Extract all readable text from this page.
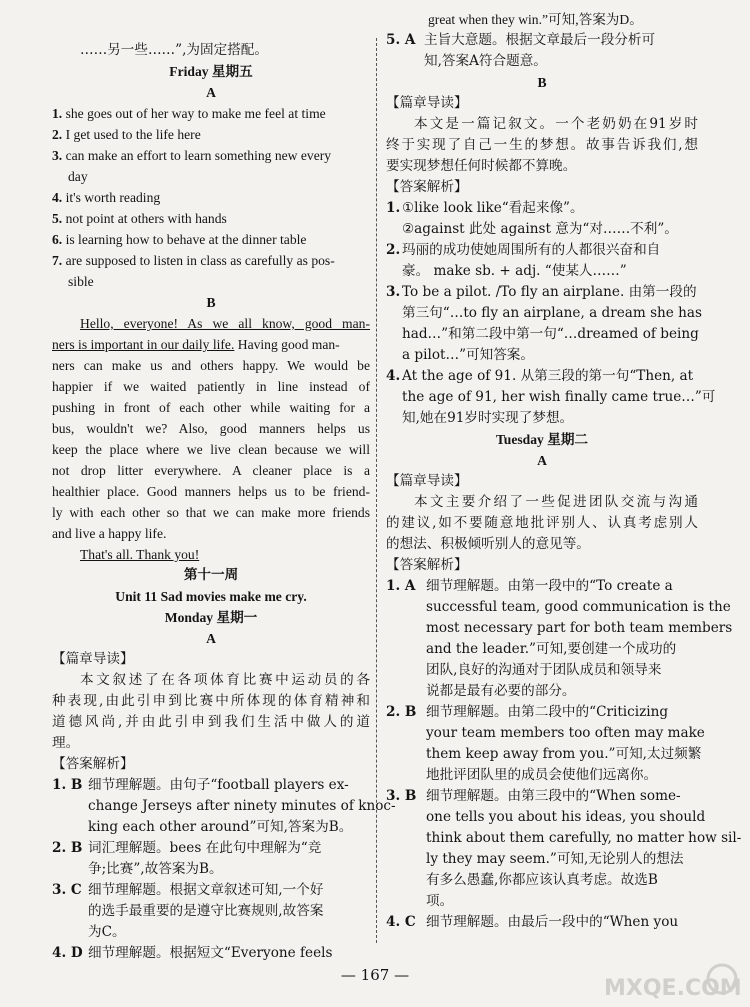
……另一些……”,为固定搭配。
Friday 星期五
A
1. she goes out of her way to make me feel at time
2. I get used to the life here
3. can make an effort to learn something new every
day
4. it's worth reading
5. not point at others with hands
6. is learning how to behave at the dinner table
7. are supposed to listen in class as carefully as pos-
sible
B
Hello, everyone! As we all know, good man-
ners is important in our daily life. Having good man-
ners can make us and others happy. We would be
happier if we waited patiently in line instead of
pushing in front of each other while waiting for a
bus, wouldn't we? Also, good manners helps us
keep the place where we live clean because we will
not drop litter everywhere. A cleaner place is a
healthier place. Good manners helps us to be friend-
ly with each other so that we can make more friends
and live a happy life.
That's all. Thank you!
第十一周
Unit 11 Sad movies make me cry.
Monday 星期一
A
【篇章导读】
本文叙述了在各项体育比赛中运动员的各
种表现,由此引申到比赛中所体现的体育精神和
道德风尚,并由此引申到我们生活中做人的道
理。
【答案解析】
1. B 细节理解题。由句子“football players ex-
change Jerseys after ninety minutes of knoc-
king each other around”可知,答案为B。
2. B 词汇理解题。bees 在此句中理解为“竞
争;比赛”,故答案为B。
3. C 细节理解题。根据文章叙述可知,一个好
的选手最重要的是遵守比赛规则,故答案
为C。
4. D 细节理解题。根据短文“Everyone feels
great when they win.”可知,答案为D。
5. A 主旨大意题。根据文章最后一段分析可
知,答案A符合题意。
B
【篇章导读】
本文是一篇记叙文。一个老奶奶在91岁时
终于实现了自己一生的梦想。故事告诉我们,想
要实现梦想任何时候都不算晚。
【答案解析】
1. ①like look like“看起来像”。
②against 此处 against 意为“对……不利”。
2. 玛丽的成功使她周围所有的人都很兴奋和自
豪。 make sb. + adj. “使某人……”
3. To be a pilot. /To fly an airplane. 由第一段的
第三句“…to fly an airplane, a dream she has
had…”和第二段中第一句“…dreamed of being
a pilot…”可知答案。
4. At the age of 91. 从第三段的第一句“Then, at
the age of 91, her wish finally came true…”可
知,她在91岁时实现了梦想。
Tuesday 星期二
A
【篇章导读】
本文主要介绍了一些促进团队交流与沟通
的建议,如不要随意地批评别人、认真考虑别人
的想法、积极倾听别人的意见等。
【答案解析】
1. A 细节理解题。由第一段中的“To create a
successful team, good communication is the
most necessary part for both team members
and the leader.”可知,要创建一个成功的
团队,良好的沟通对于团队成员和领导来
说都是最有必要的部分。
2. B 细节理解题。由第二段中的“Criticizing
your team members too often may make
them keep away from you.”可知,太过频繁
地批评团队里的成员会使他们远离你。
3. B 细节理解题。由第三段中的“When some-
one tells you about his ideas, you should
think about them carefully, no matter how sil-
ly they may seem.”可知,无论别人的想法
有多么愚蠢,你都应该认真考虑。故选B
项。
4. C 细节理解题。由最后一段中的“When you
— 167 —
MXQE.COM
